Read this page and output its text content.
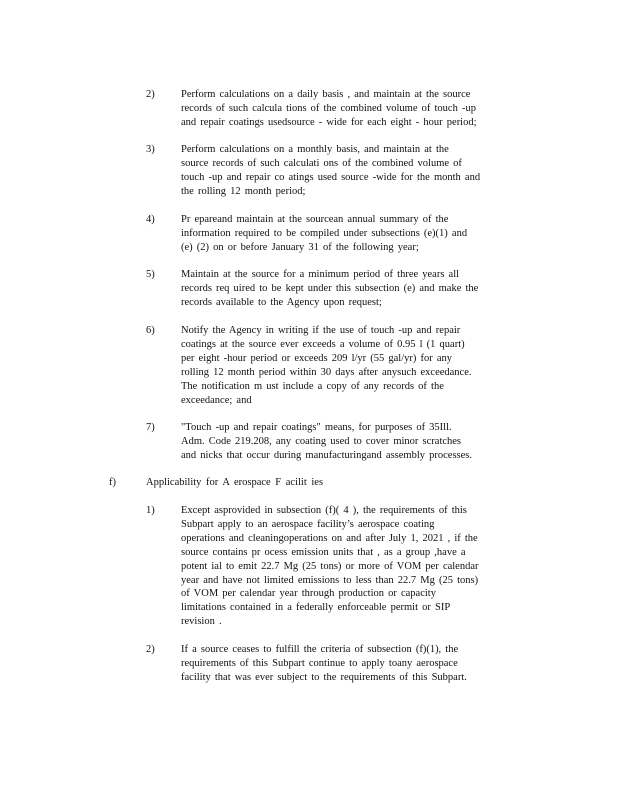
2)	Perform calculations on a daily basis , and maintain at the source
records of such calcula tions of the combined volume of touch -up
and repair coatings usedsource - wide for each eight - hour period;
3)	Perform calculations on a monthly basis, and maintain at the
source records of such calculati ons of the combined volume of
touch -up and repair co atings used source -wide for the month and
the rolling 12 month period;
4)	Pr epareand maintain at the sourcean annual summary of the
information required to be compiled under subsections (e)(1) and
(e) (2) on or before January 31 of the following year;
5)	Maintain at the source for a minimum period of three years all
records req uired to be kept under this subsection (e) and make the
records available to the Agency upon request;
6)	Notify the Agency in writing if the use of touch -up and repair
coatings at the source ever exceeds a volume of 0.95 l (1 quart)
per eight -hour period or exceeds 209 l/yr (55 gal/yr) for any
rolling 12 month period within 30 days after anysuch exceedance.
The notification m ust include a copy of any records of the
exceedance; and
7)	"Touch -up and repair coatings" means, for purposes of 35Ill.
Adm. Code 219.208, any coating used to cover minor scratches
and nicks that occur during manufacturingand assembly processes.
f)	Applicability for A erospace F acilit ies
1)	Except asprovided in subsection (f)( 4 ), the requirements of this
Subpart apply to an aerospace facility’s aerospace coating
operations and cleaningoperations on and after July 1, 2021 , if the
source contains pr ocess emission units that , as a group ,have a
potent ial to emit 22.7 Mg (25 tons) or more of VOM per calendar
year and have not limited emissions to less than 22.7 Mg (25 tons)
of VOM per calendar year through production or capacity
limitations contained in a federally enforceable permit or SIP
revision .
2)	If a source ceases to fulfill the criteria of subsection (f)(1), the
requirements of this Subpart continue to apply toany aerospace
facility that was ever subject to the requirements of this Subpart.
